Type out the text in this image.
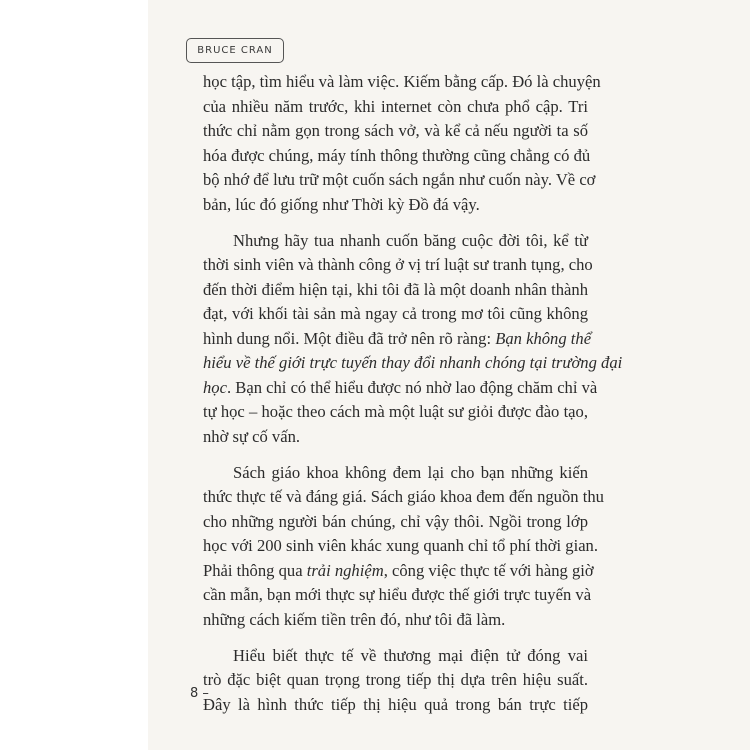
BRUCE CRAN
học tập, tìm hiểu và làm việc. Kiếm bằng cấp. Đó là chuyện
của nhiều năm trước, khi internet còn chưa phổ cập. Tri
thức chỉ nằm gọn trong sách vở, và kể cả nếu người ta số
hóa được chúng, máy tính thông thường cũng chẳng có đủ
bộ nhớ để lưu trữ một cuốn sách ngắn như cuốn này. Về cơ
bản, lúc đó giống như Thời kỳ Đồ đá vậy.
Nhưng hãy tua nhanh cuốn băng cuộc đời tôi, kể từ
thời sinh viên và thành công ở vị trí luật sư tranh tụng, cho
đến thời điểm hiện tại, khi tôi đã là một doanh nhân thành
đạt, với khối tài sản mà ngay cả trong mơ tôi cũng không
hình dung nổi. Một điều đã trở nên rõ ràng: Bạn không thể
hiểu về thế giới trực tuyến thay đổi nhanh chóng tại trường đại
học. Bạn chỉ có thể hiểu được nó nhờ lao động chăm chỉ và
tự học – hoặc theo cách mà một luật sư giỏi được đào tạo,
nhờ sự cố vấn.
Sách giáo khoa không đem lại cho bạn những kiến
thức thực tế và đáng giá. Sách giáo khoa đem đến nguồn thu
cho những người bán chúng, chỉ vậy thôi. Ngồi trong lớp
học với 200 sinh viên khác xung quanh chỉ tổ phí thời gian.
Phải thông qua trải nghiệm, công việc thực tế với hàng giờ
cần mẫn, bạn mới thực sự hiểu được thế giới trực tuyến và
những cách kiếm tiền trên đó, như tôi đã làm.
Hiểu biết thực tế về thương mại điện tử đóng vai
trò đặc biệt quan trọng trong tiếp thị dựa trên hiệu suất.
Đây là hình thức tiếp thị hiệu quả trong bán trực tiếp
8 –
